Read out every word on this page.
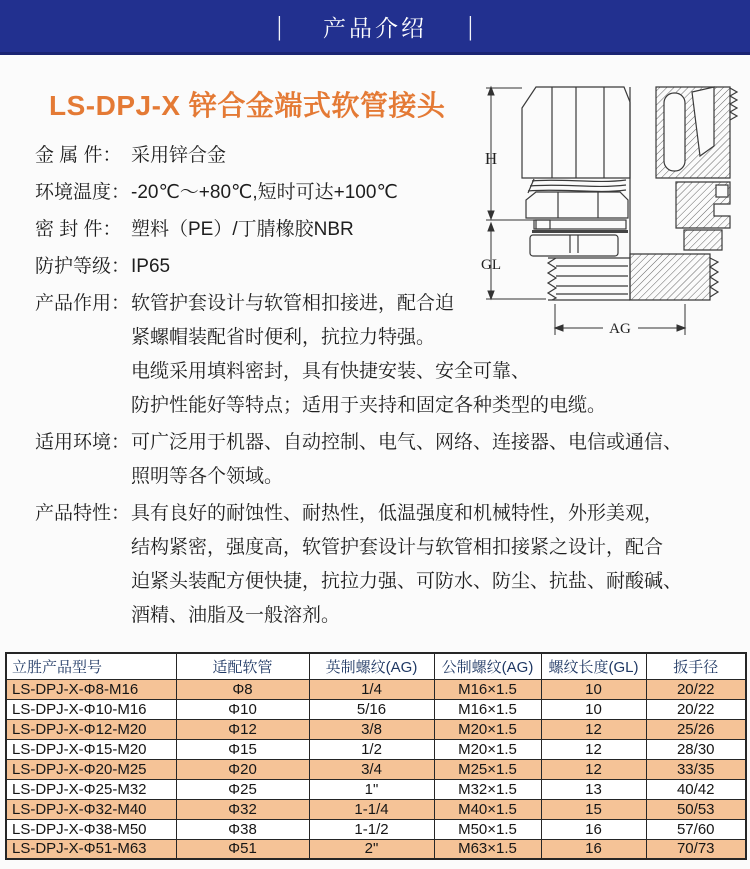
| 产品介绍 |
LS-DPJ-X 锌合金端式软管接头
金 属 件： 采用锌合金
环境温度： -20℃～+80℃,短时可达+100℃
密 封 件： 塑料（PE）/丁腈橡胶NBR
防护等级： IP65
产品作用： 软管护套设计与软管相扣接进，配合迫
紧螺帽装配省时便利，抗拉力特强。
电缆采用填料密封，具有快捷安装、安全可靠、
防护性能好等特点；适用于夹持和固定各种类型的电缆。
适用环境： 可广泛用于机器、自动控制、电气、网络、连接器、电信或通信、
照明等各个领域。
产品特性： 具有良好的耐蚀性、耐热性，低温强度和机械特性，外形美观，
结构紧密，强度高，软管护套设计与软管相扣接紧之设计，配合
迫紧头装配方便快捷，抗拉力强、可防水、防尘、抗盐、耐酸碱、
酒精、油脂及一般溶剂。
H
GL
AG
立胜产品型号	适配软管	英制螺纹(AG)	公制螺纹(AG)	螺纹长度(GL)	扳手径
LS-DPJ-X-Φ8-M16	Φ8	1/4	M16×1.5	10	20/22
LS-DPJ-X-Φ10-M16	Φ10	5/16	M16×1.5	10	20/22
LS-DPJ-X-Φ12-M20	Φ12	3/8	M20×1.5	12	25/26
LS-DPJ-X-Φ15-M20	Φ15	1/2	M20×1.5	12	28/30
LS-DPJ-X-Φ20-M25	Φ20	3/4	M25×1.5	12	33/35
LS-DPJ-X-Φ25-M32	Φ25	1"	M32×1.5	13	40/42
LS-DPJ-X-Φ32-M40	Φ32	1-1/4	M40×1.5	15	50/53
LS-DPJ-X-Φ38-M50	Φ38	1-1/2	M50×1.5	16	57/60
LS-DPJ-X-Φ51-M63	Φ51	2"	M63×1.5	16	70/73
